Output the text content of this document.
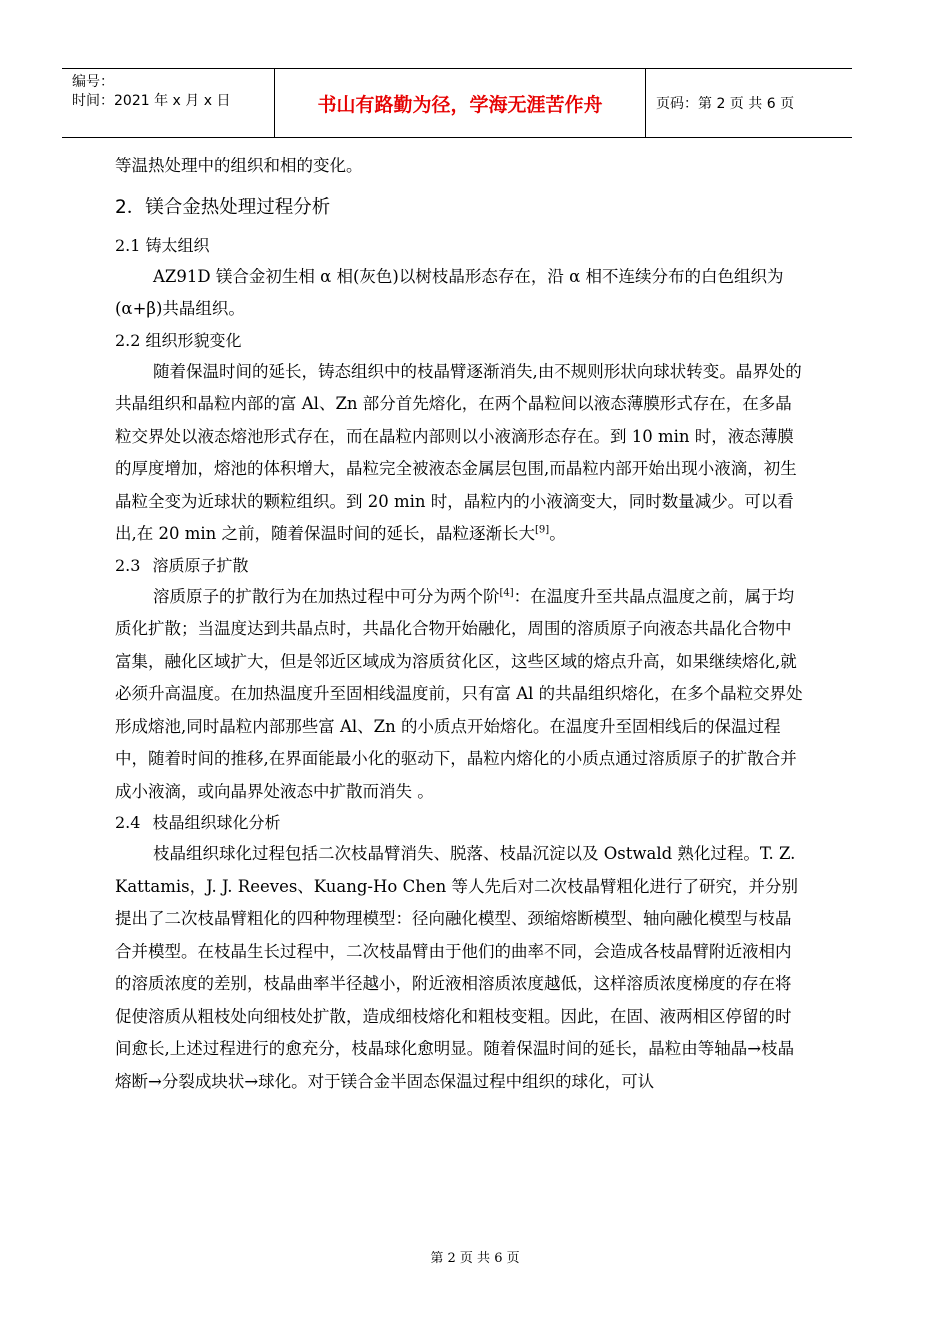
编号：
时间：2021 年 x 月 x 日	书山有路勤为径，学海无涯苦作舟	页码：第 2 页 共 6 页
等温热处理中的组织和相的变化。
2．镁合金热处理过程分析
2.1 铸太组织
AZ91D 镁合金初生相 α 相(灰色)以树枝晶形态存在，沿 α 相不连续分布的白色组织为(α+β)共晶组织。
2.2 组织形貌变化
随着保温时间的延长，铸态组织中的枝晶臂逐渐消失,由不规则形状向球状转变。晶界处的共晶组织和晶粒内部的富 Al、Zn 部分首先熔化，在两个晶粒间以液态薄膜形式存在，在多晶粒交界处以液态熔池形式存在，而在晶粒内部则以小液滴形态存在。到 10 min 时，液态薄膜的厚度增加，熔池的体积增大，晶粒完全被液态金属层包围,而晶粒内部开始出现小液滴，初生晶粒全变为近球状的颗粒组织。到 20 min 时，晶粒内的小液滴变大，同时数量减少。可以看出,在 20 min 之前，随着保温时间的延长，晶粒逐渐长大[9]。
2.3 溶质原子扩散
溶质原子的扩散行为在加热过程中可分为两个阶[4]：在温度升至共晶点温度之前，属于均质化扩散；当温度达到共晶点时，共晶化合物开始融化，周围的溶质原子向液态共晶化合物中富集，融化区域扩大，但是邻近区域成为溶质贫化区，这些区域的熔点升高，如果继续熔化,就必须升高温度。在加热温度升至固相线温度前，只有富 Al 的共晶组织熔化，在多个晶粒交界处形成熔池,同时晶粒内部那些富 Al、Zn 的小质点开始熔化。在温度升至固相线后的保温过程中，随着时间的推移,在界面能最小化的驱动下，晶粒内熔化的小质点通过溶质原子的扩散合并成小液滴，或向晶界处液态中扩散而消失 。
2.4 枝晶组织球化分析
枝晶组织球化过程包括二次枝晶臂消失、脱落、枝晶沉淀以及 Ostwald 熟化过程。T. Z. Kattamis，J. J. Reeves、Kuang-Ho Chen 等人先后对二次枝晶臂粗化进行了研究，并分别提出了二次枝晶臂粗化的四种物理模型：径向融化模型、颈缩熔断模型、轴向融化模型与枝晶合并模型。在枝晶生长过程中，二次枝晶臂由于他们的曲率不同，会造成各枝晶臂附近液相内的溶质浓度的差别，枝晶曲率半径越小，附近液相溶质浓度越低，这样溶质浓度梯度的存在将促使溶质从粗枝处向细枝处扩散，造成细枝熔化和粗枝变粗。因此，在固、液两相区停留的时间愈长,上述过程进行的愈充分，枝晶球化愈明显。随着保温时间的延长，晶粒由等轴晶→枝晶熔断→分裂成块状→球化。对于镁合金半固态保温过程中组织的球化，可认
第 2 页 共 6 页
